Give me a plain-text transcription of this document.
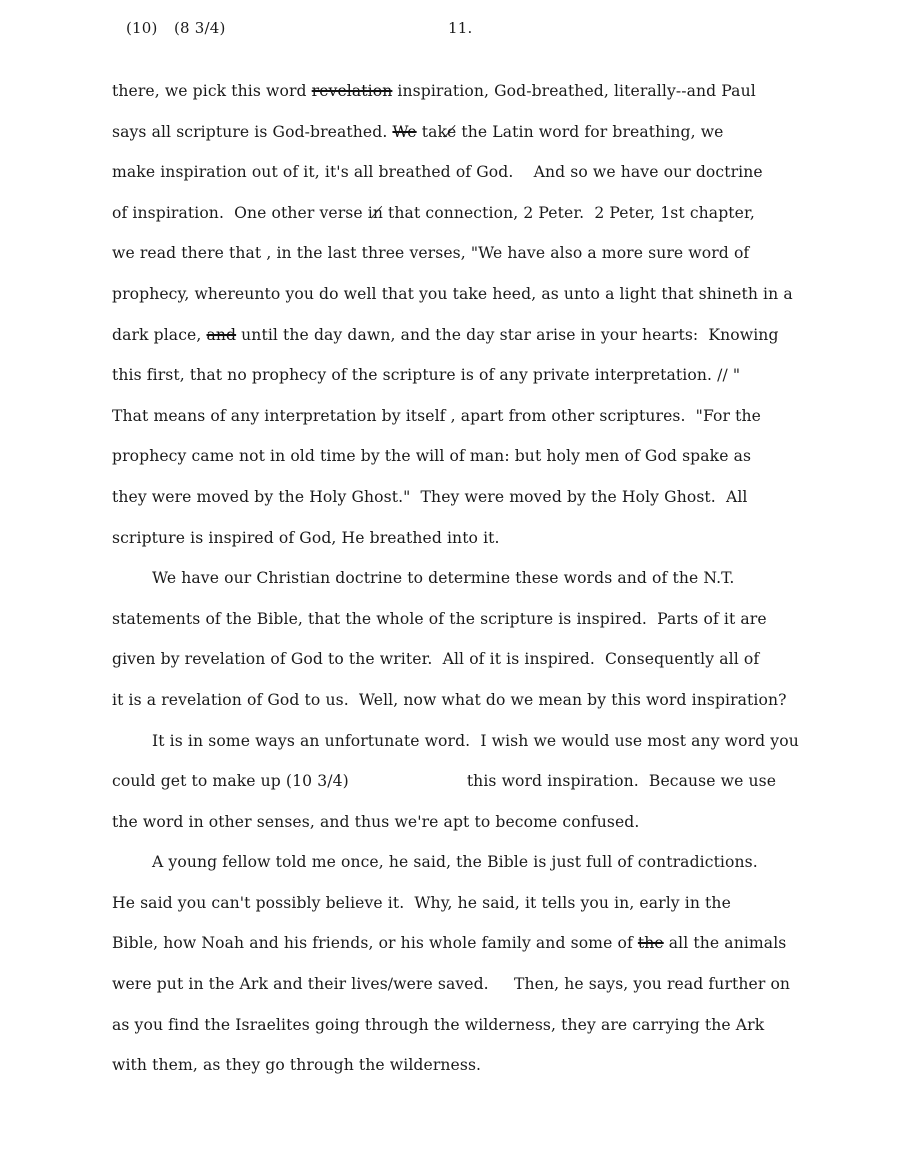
(10) (8 3/4)	11.
there, we pick this word revelation inspiration, God-breathed, literally--and Paul
says all scripture is God-breathed. We take̸ the Latin word for breathing, we
make inspiration out of it, it's all breathed of God.    And so we have our doctrine
of inspiration.  One other verse in̸ that connection, 2 Peter.  2 Peter, 1st chapter,
we read there that , in the last three verses, "We have also a more sure word of
prophecy, whereunto you do well that you take heed, as unto a light that shineth in a
dark place, and until the day dawn, and the day star arise in your hearts:  Knowing
this first, that no prophecy of the scripture is of any private interpretation. ∕∕ "
That means of any interpretation by itself , apart from other scriptures.  "For the
prophecy came not in old time by the will of man: but holy men of God spake as
they were moved by the Holy Ghost."  They were moved by the Holy Ghost.  All
scripture is inspired of God, He breathed into it.
We have our Christian doctrine to determine these words and of the N.T.
statements of the Bible, that the whole of the scripture is inspired.  Parts of it are
given by revelation of God to the writer.  All of it is inspired.  Consequently all of
it is a revelation of God to us.  Well, now what do we mean by this word inspiration?
It is in some ways an unfortunate word.  I wish we would use most any word you
could get to make up (10 3/4)	this word inspiration.  Because we use
the word in other senses, and thus we're apt to become confused.
A young fellow told me once, he said, the Bible is just full of contradictions.
He said you can't possibly believe it.  Why, he said, it tells you in, early in the
Bible, how Noah and his friends, or his whole family and some of the all the animals
were put in the Ark and their lives∕were saved.     Then, he says, you read further on
as you find the Israelites going through the wilderness, they are carrying the Ark
with them, as they go through the wilderness.
